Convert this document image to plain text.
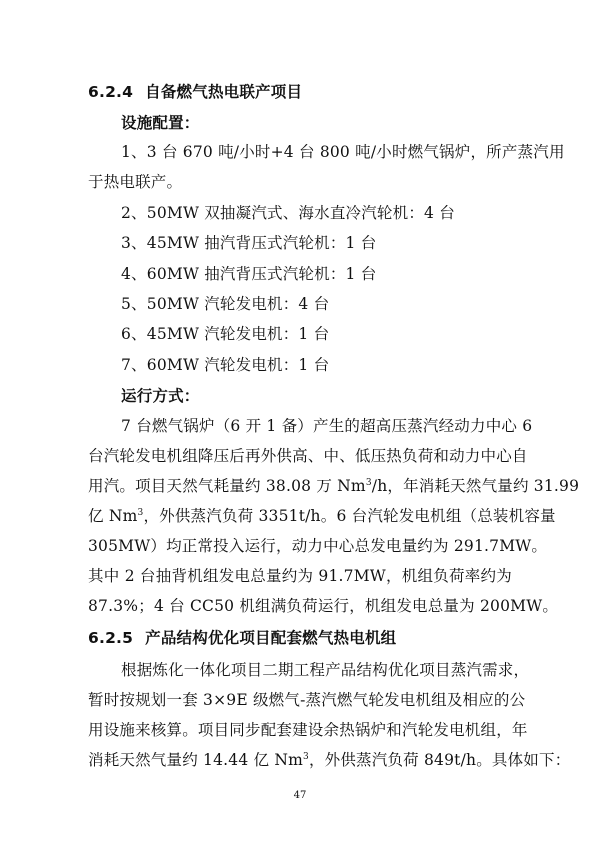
6.2.4 自备燃气热电联产项目
设施配置：
1、3 台 670 吨/小时+4 台 800 吨/小时燃气锅炉，所产蒸汽用
于热电联产。
2、50MW 双抽凝汽式、海水直冷汽轮机：4 台
3、45MW 抽汽背压式汽轮机：1 台
4、60MW 抽汽背压式汽轮机：1 台
5、50MW 汽轮发电机：4 台
6、45MW 汽轮发电机：1 台
7、60MW 汽轮发电机：1 台
运行方式：
7 台燃气锅炉（6 开 1 备）产生的超高压蒸汽经动力中心 6
台汽轮发电机组降压后再外供高、中、低压热负荷和动力中心自
用汽。项目天然气耗量约 38.08 万 Nm$^3$/h，年消耗天然气量约 31.99
亿 Nm$^3$，外供蒸汽负荷 3351t/h。6 台汽轮发电机组（总装机容量
305MW）均正常投入运行，动力中心总发电量约为 291.7MW。
其中 2 台抽背机组发电总量约为 91.7MW，机组负荷率约为
87.3%；4 台 CC50 机组满负荷运行，机组发电总量为 200MW。
6.2.5 产品结构优化项目配套燃气热电机组
根据炼化一体化项目二期工程产品结构优化项目蒸汽需求，
暂时按规划一套 3×9E 级燃气-蒸汽燃气轮发电机组及相应的公
用设施来核算。项目同步配套建设余热锅炉和汽轮发电机组，年
消耗天然气量约 14.44 亿 Nm$^3$，外供蒸汽负荷 849t/h。具体如下：
47
